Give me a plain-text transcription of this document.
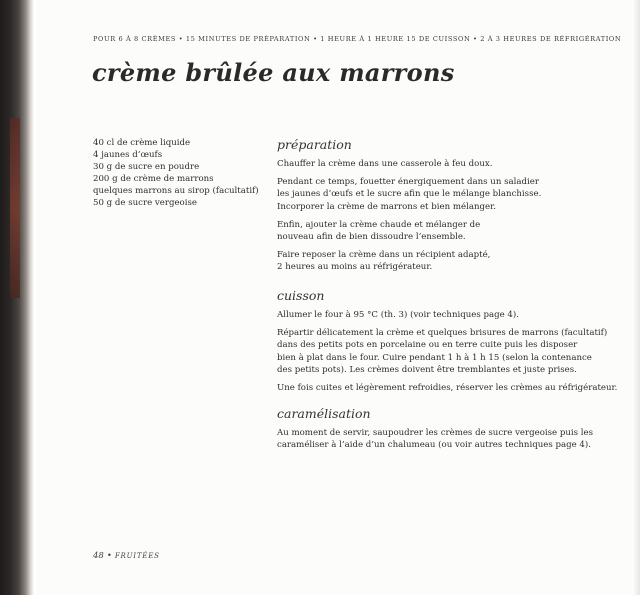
POUR 6 À 8 CRÈMES • 15 MINUTES DE PRÉPARATION • 1 HEURE À 1 HEURE 15 DE CUISSON • 2 À 3 HEURES DE RÉFRIGÉRATION
crème brûlée aux marrons
40 cl de crème liquide
4 jaunes d’œufs
30 g de sucre en poudre
200 g de crème de marrons
quelques marrons au sirop (facultatif)
50 g de sucre vergeoise
préparation

Chauffer la crème dans une casserole à feu doux.

Pendant ce temps, fouetter énergiquement dans un saladier
les jaunes d’œufs et le sucre afin que le mélange blanchisse.
Incorporer la crème de marrons et bien mélanger.

Enfin, ajouter la crème chaude et mélanger de
nouveau afin de bien dissoudre l’ensemble.

Faire reposer la crème dans un récipient adapté,
2 heures au moins au réfrigérateur.

cuisson

Allumer le four à 95 °C (th. 3) (voir techniques page 4).

Répartir délicatement la crème et quelques brisures de marrons (facultatif)
dans des petits pots en porcelaine ou en terre cuite puis les disposer
bien à plat dans le four. Cuire pendant 1 h à 1 h 15 (selon la contenance
des petits pots). Les crèmes doivent être tremblantes et juste prises.

Une fois cuites et légèrement refroidies, réserver les crèmes au réfrigérateur.

caramélisation

Au moment de servir, saupoudrer les crèmes de sucre vergeoise puis les
caraméliser à l’aide d’un chalumeau (ou voir autres techniques page 4).

48 • FRUITÉES
